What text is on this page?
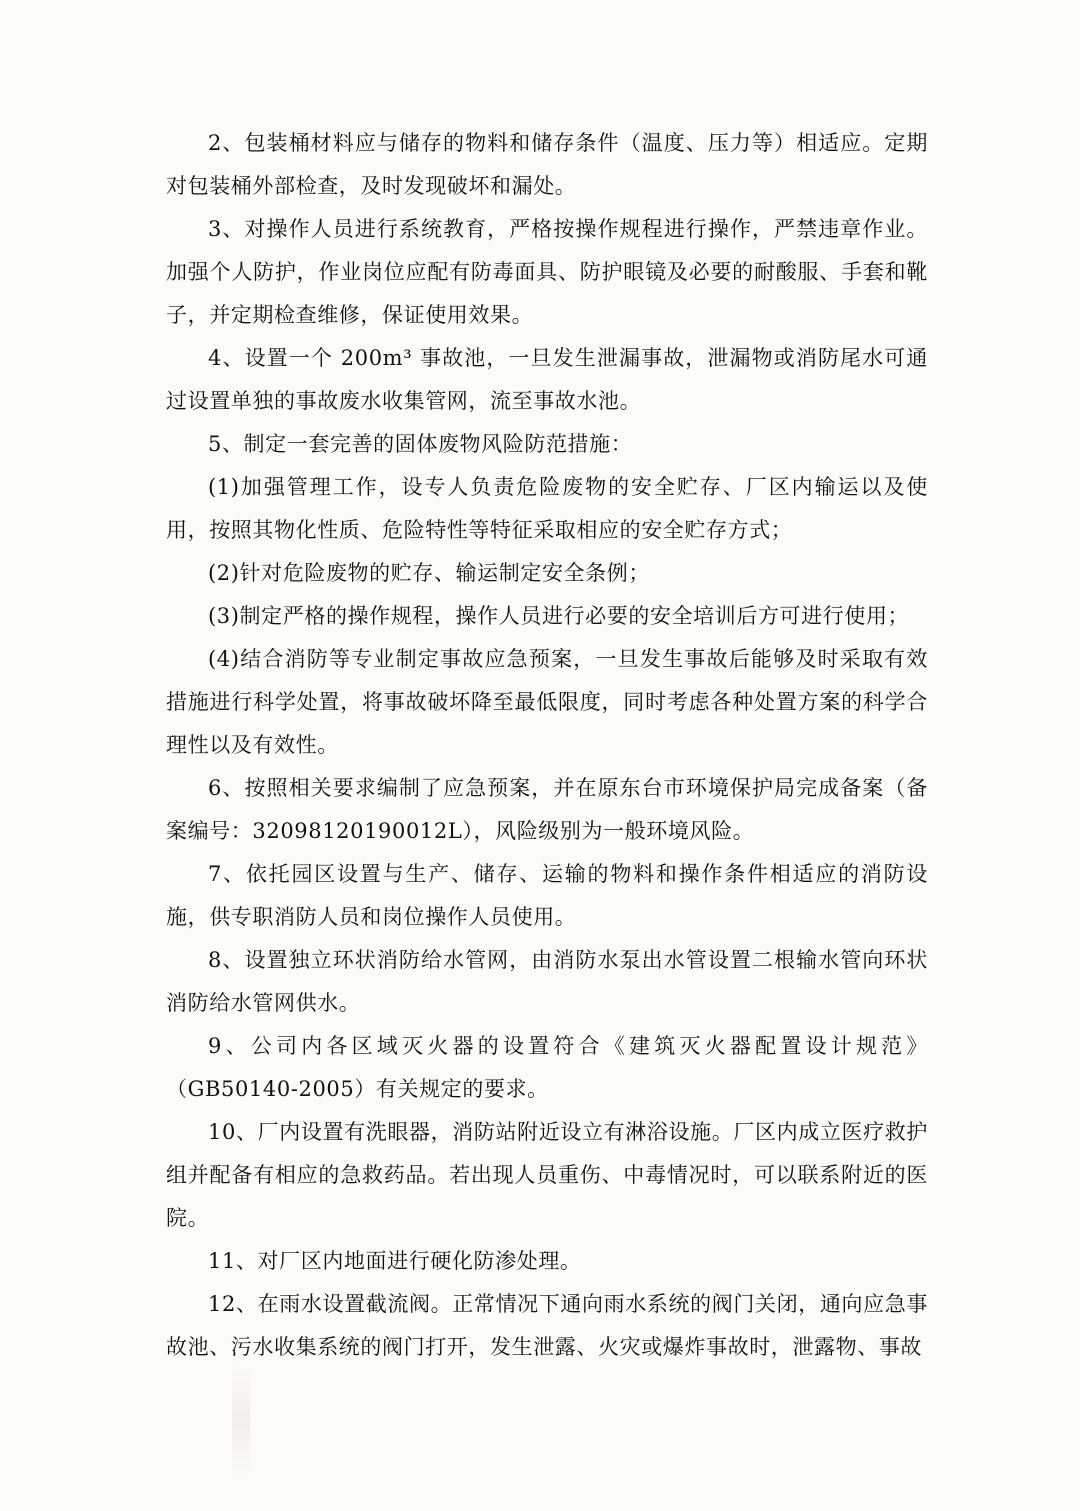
2、包装桶材料应与储存的物料和储存条件（温度、压力等）相适应。定期对包装桶外部检查，及时发现破坏和漏处。

3、对操作人员进行系统教育，严格按操作规程进行操作，严禁违章作业。加强个人防护，作业岗位应配有防毒面具、防护眼镜及必要的耐酸服、手套和靴子，并定期检查维修，保证使用效果。

4、设置一个 200m³ 事故池，一旦发生泄漏事故，泄漏物或消防尾水可通过设置单独的事故废水收集管网，流至事故水池。

5、制定一套完善的固体废物风险防范措施：

(1)加强管理工作，设专人负责危险废物的安全贮存、厂区内输运以及使用，按照其物化性质、危险特性等特征采取相应的安全贮存方式；

(2)针对危险废物的贮存、输运制定安全条例；

(3)制定严格的操作规程，操作人员进行必要的安全培训后方可进行使用；

(4)结合消防等专业制定事故应急预案，一旦发生事故后能够及时采取有效措施进行科学处置，将事故破坏降至最低限度，同时考虑各种处置方案的科学合理性以及有效性。

6、按照相关要求编制了应急预案，并在原东台市环境保护局完成备案（备案编号：32098120190012L），风险级别为一般环境风险。

7、依托园区设置与生产、储存、运输的物料和操作条件相适应的消防设施，供专职消防人员和岗位操作人员使用。

8、设置独立环状消防给水管网，由消防水泵出水管设置二根输水管向环状消防给水管网供水。

9、公司内各区域灭火器的设置符合《建筑灭火器配置设计规范》（GB50140-2005）有关规定的要求。

10、厂内设置有洗眼器，消防站附近设立有淋浴设施。厂区内成立医疗救护组并配备有相应的急救药品。若出现人员重伤、中毒情况时，可以联系附近的医院。

11、对厂区内地面进行硬化防渗处理。

12、在雨水设置截流阀。正常情况下通向雨水系统的阀门关闭，通向应急事故池、污水收集系统的阀门打开，发生泄露、火灾或爆炸事故时，泄露物、事故
